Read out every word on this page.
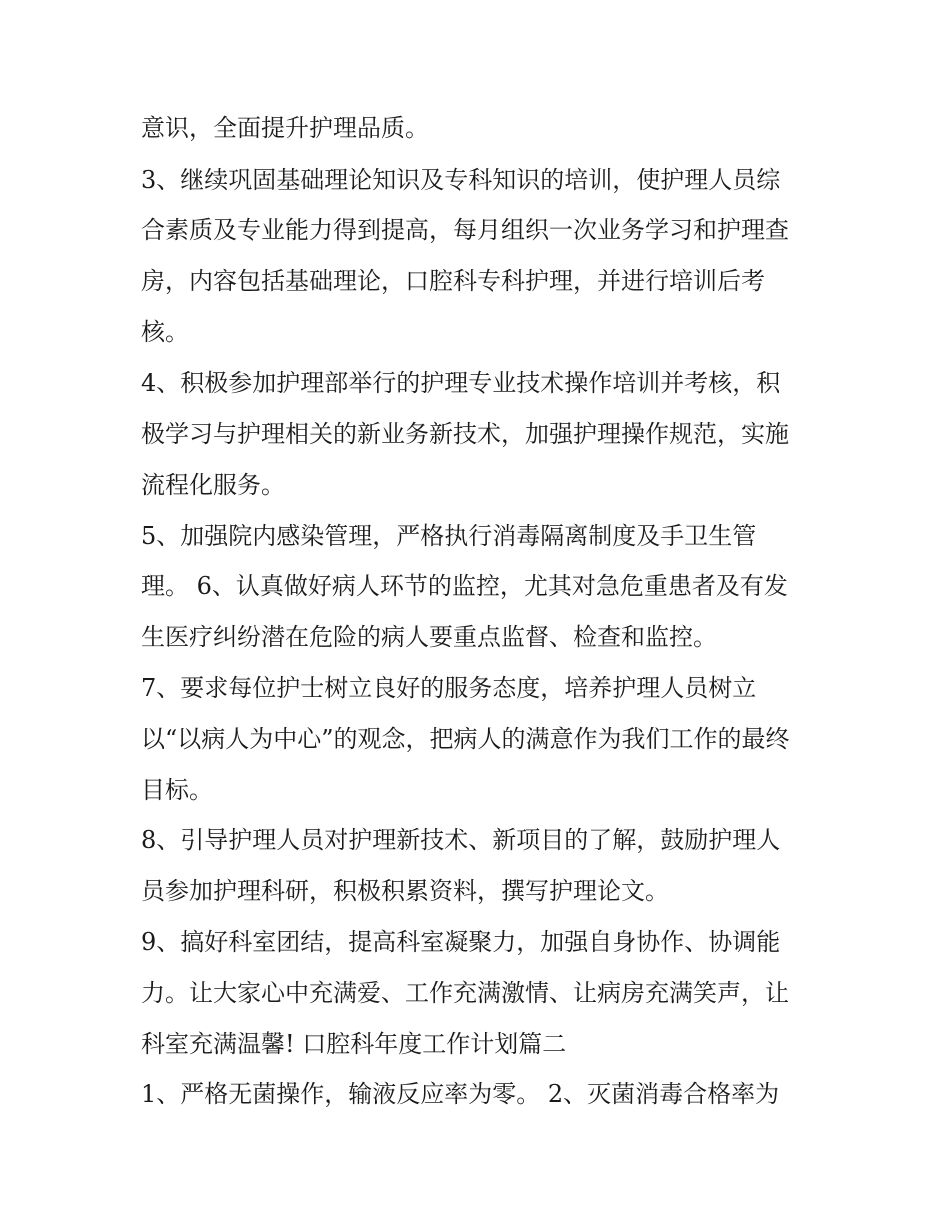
意识，全面提升护理品质。
3、继续巩固基础理论知识及专科知识的培训，使护理人员综
合素质及专业能力得到提高，每月组织一次业务学习和护理查
房，内容包括基础理论，口腔科专科护理，并进行培训后考
核。
4、积极参加护理部举行的护理专业技术操作培训并考核，积
极学习与护理相关的新业务新技术，加强护理操作规范，实施
流程化服务。
5、加强院内感染管理，严格执行消毒隔离制度及手卫生管
理。 6、认真做好病人环节的监控，尤其对急危重患者及有发
生医疗纠纷潜在危险的病人要重点监督、检查和监控。
7、要求每位护士树立良好的服务态度，培养护理人员树立
以“以病人为中心”的观念，把病人的满意作为我们工作的最终
目标。
8、引导护理人员对护理新技术、新项目的了解，鼓励护理人
员参加护理科研，积极积累资料，撰写护理论文。
9、搞好科室团结，提高科室凝聚力，加强自身协作、协调能
力。让大家心中充满爱、工作充满激情、让病房充满笑声，让
科室充满温馨! 口腔科年度工作计划篇二
1、严格无菌操作，输液反应率为零。 2、灭菌消毒合格率为
